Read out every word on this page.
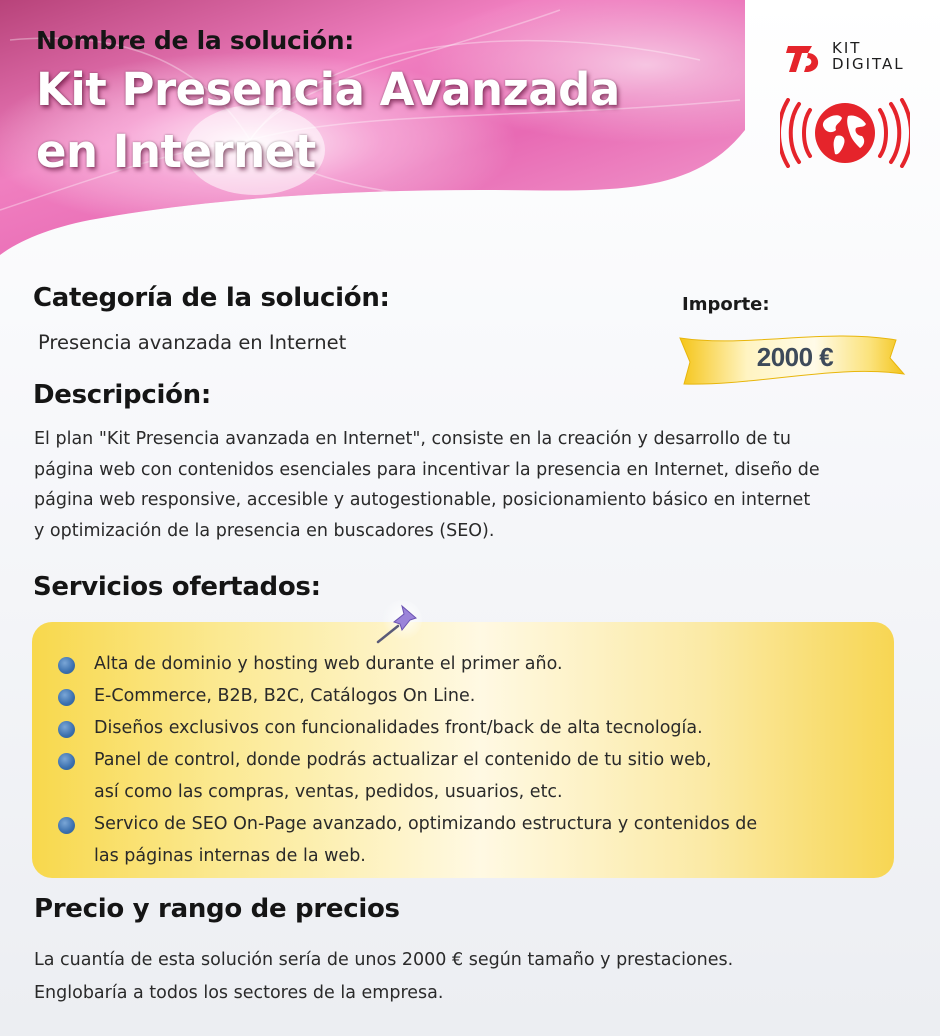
Nombre de la solución:
Kit Presencia Avanzada
en Internet
KIT
DIGITAL
Categoría de la solución:
Presencia avanzada en Internet
Importe:
2000 €
Descripción:
El plan "Kit Presencia avanzada en Internet", consiste en la creación y desarrollo de tu
página web con contenidos esenciales para incentivar la presencia en Internet, diseño de
página web responsive, accesible y autogestionable, posicionamiento básico en internet
y optimización de la presencia en buscadores (SEO).
Servicios ofertados:
Alta de dominio y hosting web durante el primer año.
E-Commerce, B2B, B2C, Catálogos On Line.
Diseños exclusivos con funcionalidades front/back de alta tecnología.
Panel de control, donde podrás actualizar el contenido de tu sitio web,
así como las compras, ventas, pedidos, usuarios, etc.
Servico de SEO On-Page avanzado, optimizando estructura y contenidos de
las páginas internas de la web.
Precio y rango de precios
La cuantía de esta solución sería de unos 2000 € según tamaño y prestaciones.
Englobaría a todos los sectores de la empresa.
